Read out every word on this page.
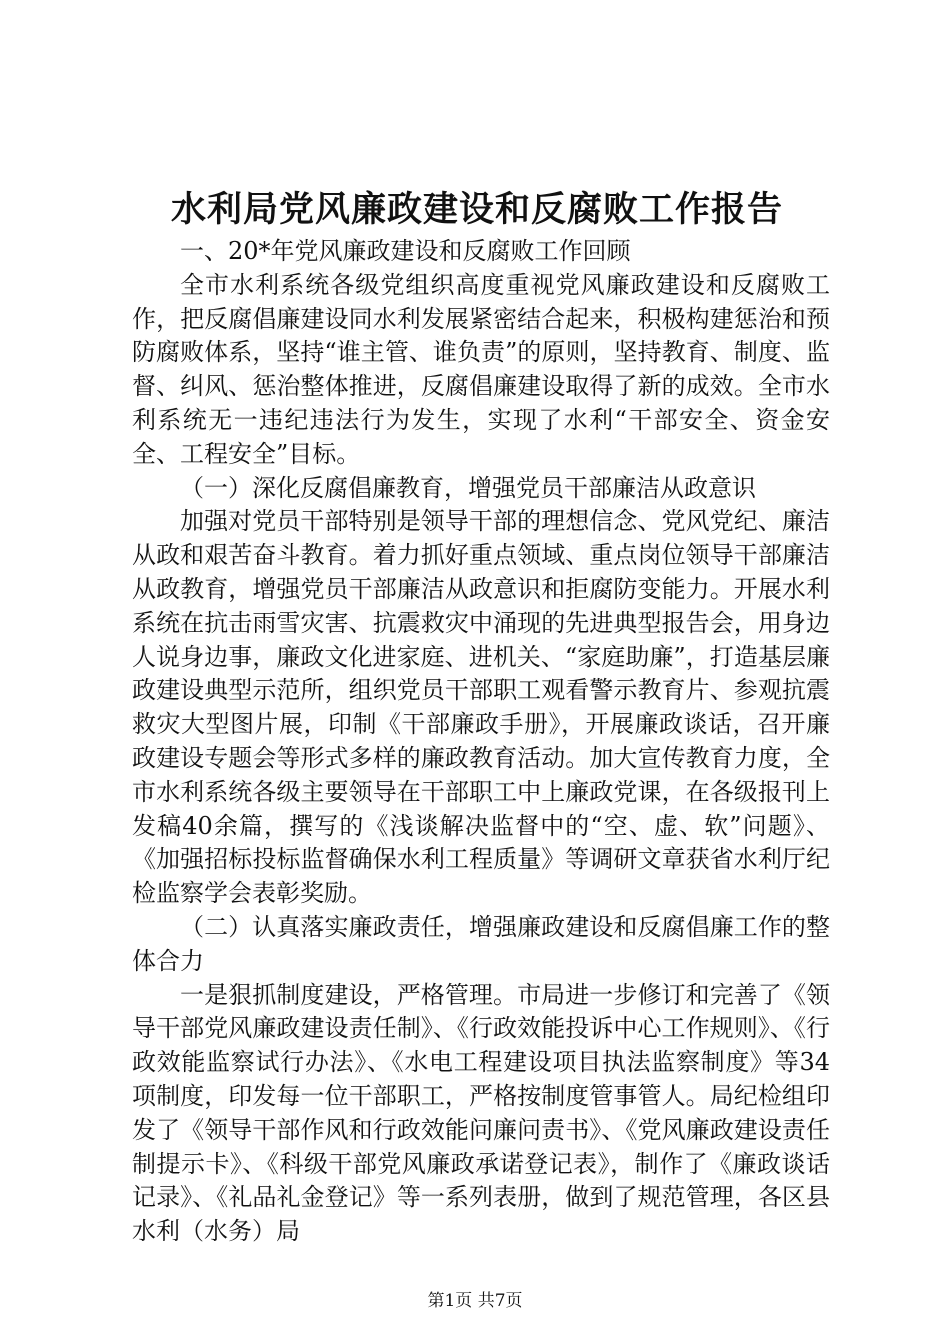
水利局党风廉政建设和反腐败工作报告

一、20*年党风廉政建设和反腐败工作回顾

全市水利系统各级党组织高度重视党风廉政建设和反腐败工作，把反腐倡廉建设同水利发展紧密结合起来，积极构建惩治和预防腐败体系，坚持“谁主管、谁负责”的原则，坚持教育、制度、监督、纠风、惩治整体推进，反腐倡廉建设取得了新的成效。全市水利系统无一违纪违法行为发生，实现了水利“干部安全、资金安全、工程安全”目标。

（一）深化反腐倡廉教育，增强党员干部廉洁从政意识

加强对党员干部特别是领导干部的理想信念、党风党纪、廉洁从政和艰苦奋斗教育。着力抓好重点领域、重点岗位领导干部廉洁从政教育，增强党员干部廉洁从政意识和拒腐防变能力。开展水利系统在抗击雨雪灾害、抗震救灾中涌现的先进典型报告会，用身边人说身边事，廉政文化进家庭、进机关、“家庭助廉”，打造基层廉政建设典型示范所，组织党员干部职工观看警示教育片、参观抗震救灾大型图片展，印制《干部廉政手册》，开展廉政谈话，召开廉政建设专题会等形式多样的廉政教育活动。加大宣传教育力度，全市水利系统各级主要领导在干部职工中上廉政党课，在各级报刊上发稿40余篇，撰写的《浅谈解决监督中的“空、虚、软”问题》、《加强招标投标监督确保水利工程质量》等调研文章获省水利厅纪检监察学会表彰奖励。

（二）认真落实廉政责任，增强廉政建设和反腐倡廉工作的整体合力

一是狠抓制度建设，严格管理。市局进一步修订和完善了《领导干部党风廉政建设责任制》、《行政效能投诉中心工作规则》、《行政效能监察试行办法》、《水电工程建设项目执法监察制度》等34项制度，印发每一位干部职工，严格按制度管事管人。局纪检组印发了《领导干部作风和行政效能问廉问责书》、《党风廉政建设责任制提示卡》、《科级干部党风廉政承诺登记表》，制作了《廉政谈话记录》、《礼品礼金登记》等一系列表册，做到了规范管理，各区县水利（水务）局

第1页 共7页
